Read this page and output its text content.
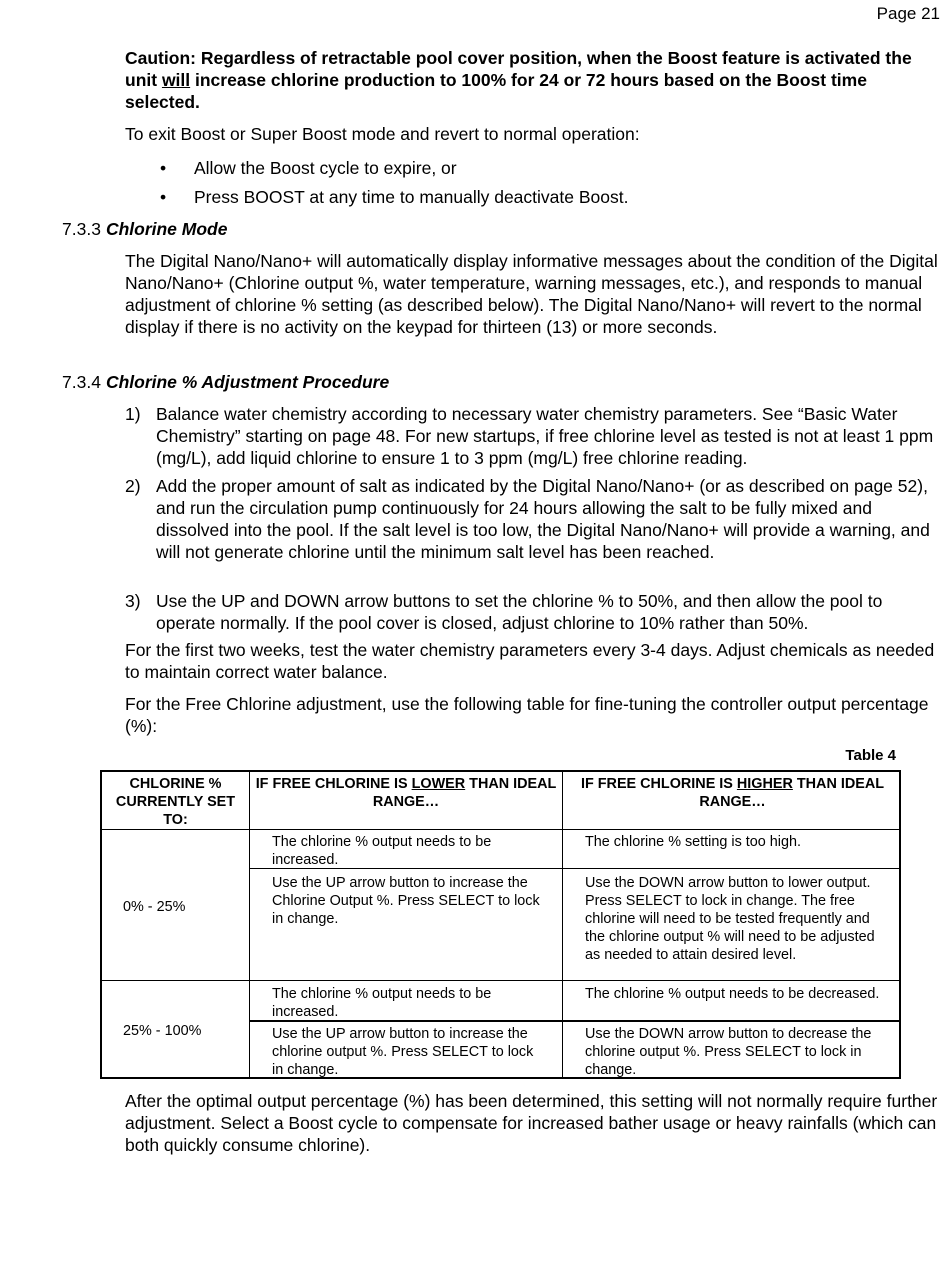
Page 21
Caution: Regardless of retractable pool cover position, when the Boost feature is activated the unit will increase chlorine production to 100% for 24 or 72 hours based on the Boost time selected.
To exit Boost or Super Boost mode and revert to normal operation:
• Allow the Boost cycle to expire, or
• Press BOOST at any time to manually deactivate Boost.
7.3.3 Chlorine Mode
The Digital Nano/Nano+ will automatically display informative messages about the condition of the Digital Nano/Nano+ (Chlorine output %, water temperature, warning messages, etc.), and responds to manual adjustment of chlorine % setting (as described below). The Digital Nano/Nano+ will revert to the normal display if there is no activity on the keypad for thirteen (13) or more seconds.
7.3.4 Chlorine % Adjustment Procedure
1) Balance water chemistry according to necessary water chemistry parameters. See “Basic Water Chemistry” starting on page 48. For new startups, if free chlorine level as tested is not at least 1 ppm (mg/L), add liquid chlorine to ensure 1 to 3 ppm (mg/L) free chlorine reading.
2) Add the proper amount of salt as indicated by the Digital Nano/Nano+ (or as described on page 52), and run the circulation pump continuously for 24 hours allowing the salt to be fully mixed and dissolved into the pool. If the salt level is too low, the Digital Nano/Nano+ will provide a warning, and will not generate chlorine until the minimum salt level has been reached.
3) Use the UP and DOWN arrow buttons to set the chlorine % to 50%, and then allow the pool to operate normally. If the pool cover is closed, adjust chlorine to 10% rather than 50%.
For the first two weeks, test the water chemistry parameters every 3-4 days. Adjust chemicals as needed to maintain correct water balance.
For the Free Chlorine adjustment, use the following table for fine-tuning the controller output percentage (%):
Table 4
CHLORINE % CURRENTLY SET TO:
IF FREE CHLORINE IS LOWER THAN IDEAL RANGE…
IF FREE CHLORINE IS HIGHER THAN IDEAL RANGE…
0% - 25%
The chlorine % output needs to be increased.
The chlorine % setting is too high.
Use the UP arrow button to increase the Chlorine Output %. Press SELECT to lock in change.
Use the DOWN arrow button to lower output. Press SELECT to lock in change. The free chlorine will need to be tested frequently and the chlorine output % will need to be adjusted as needed to attain desired level.
25% - 100%
The chlorine % output needs to be increased.
The chlorine % output needs to be decreased.
Use the UP arrow button to increase the chlorine output %. Press SELECT to lock in change.
Use the DOWN arrow button to decrease the chlorine output %. Press SELECT to lock in change.
After the optimal output percentage (%) has been determined, this setting will not normally require further adjustment. Select a Boost cycle to compensate for increased bather usage or heavy rainfalls (which can both quickly consume chlorine).
